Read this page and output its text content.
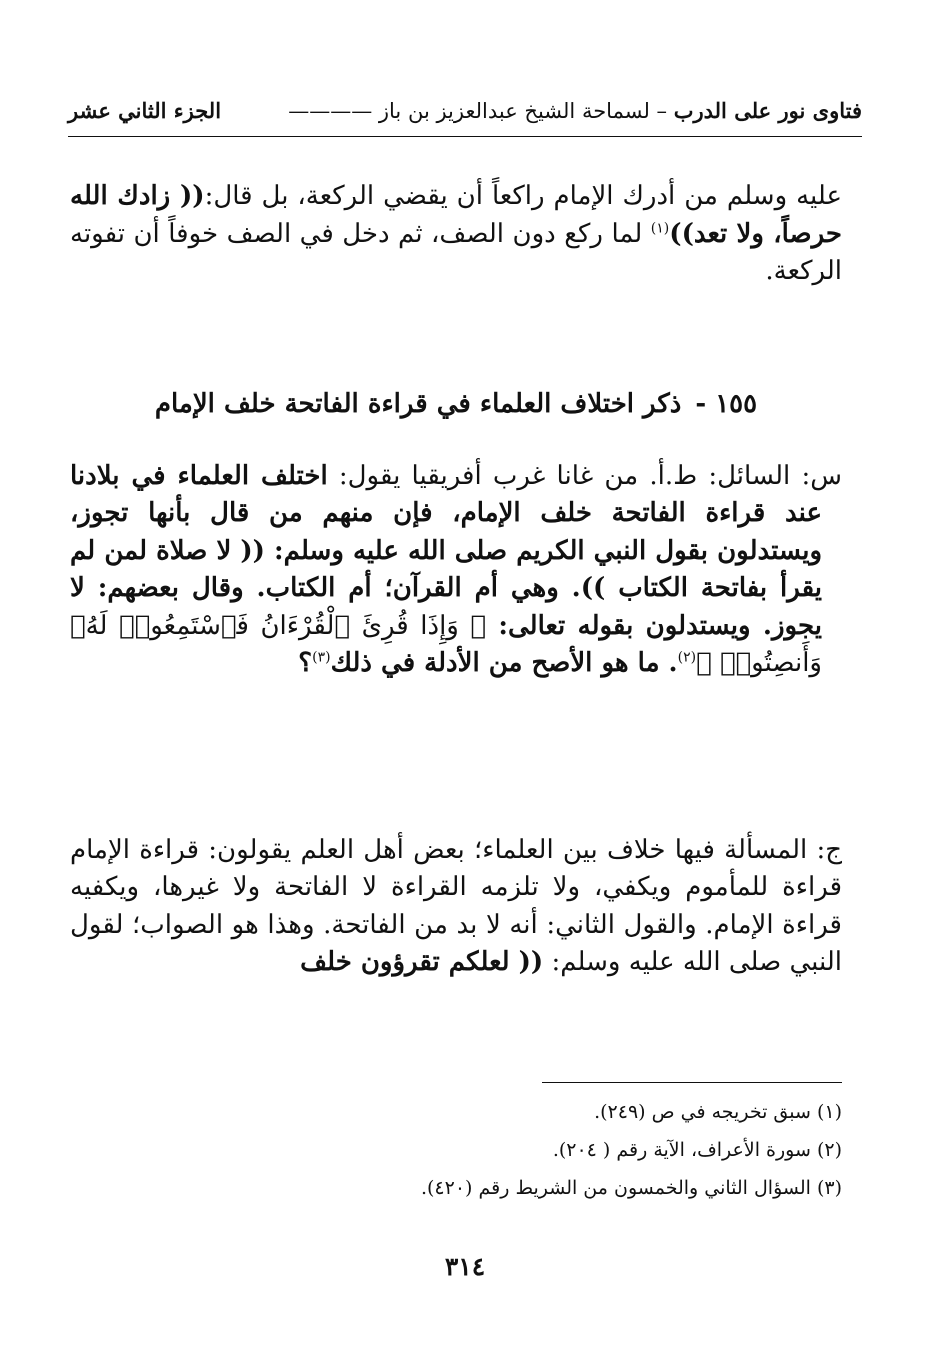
فتاوى نور على الدرب – لسماحة الشيخ عبدالعزيز بن باز ————
الجزء الثاني عشر
عليه وسلم من أدرك الإمام راكعاً أن يقضي الركعة، بل قال:(( زادك الله حرصاً، ولا تعد))$^{(١)}$ لما ركع دون الصف، ثم دخل في الصف خوفاً أن تفوته الركعة.
١٥٥ -ذكر اختلاف العلماء في قراءة الفاتحة خلف الإمام
س: السائل: ط.أ. من غانا غرب أفريقيا يقول: اختلف العلماء في بلادنا عند قراءة الفاتحة خلف الإمام، فإن منهم من قال بأنها تجوز، ويستدلون بقول النبي الكريم صلى الله عليه وسلم: (( لا صلاة لمن لم يقرأ بفاتحة الكتاب )). وهي أم القرآن؛ أم الكتاب. وقال بعضهم: لا يجوز. ويستدلون بقوله تعالى: ﴿ وَإِذَا قُرِئَ ٱلْقُرْءَانُ فَٱسْتَمِعُوا۟ لَهُۥ وَأَنصِتُوا۟ ﴾$^{(٢)}$. ما هو الأصح من الأدلة في ذلك$^{(٣)}$؟
ج: المسألة فيها خلاف بين العلماء؛ بعض أهل العلم يقولون: قراءة الإمام قراءة للمأموم ويكفي، ولا تلزمه القراءة لا الفاتحة ولا غيرها، ويكفيه قراءة الإمام. والقول الثاني: أنه لا بد من الفاتحة. وهذا هو الصواب؛ لقول النبي صلى الله عليه وسلم: (( لعلكم تقرؤون خلف
(١) سبق تخريجه في ص (٢٤٩).
(٢) سورة الأعراف، الآية رقم ( ٢٠٤).
(٣) السؤال الثاني والخمسون من الشريط رقم (٤٢٠).
٣١٤
